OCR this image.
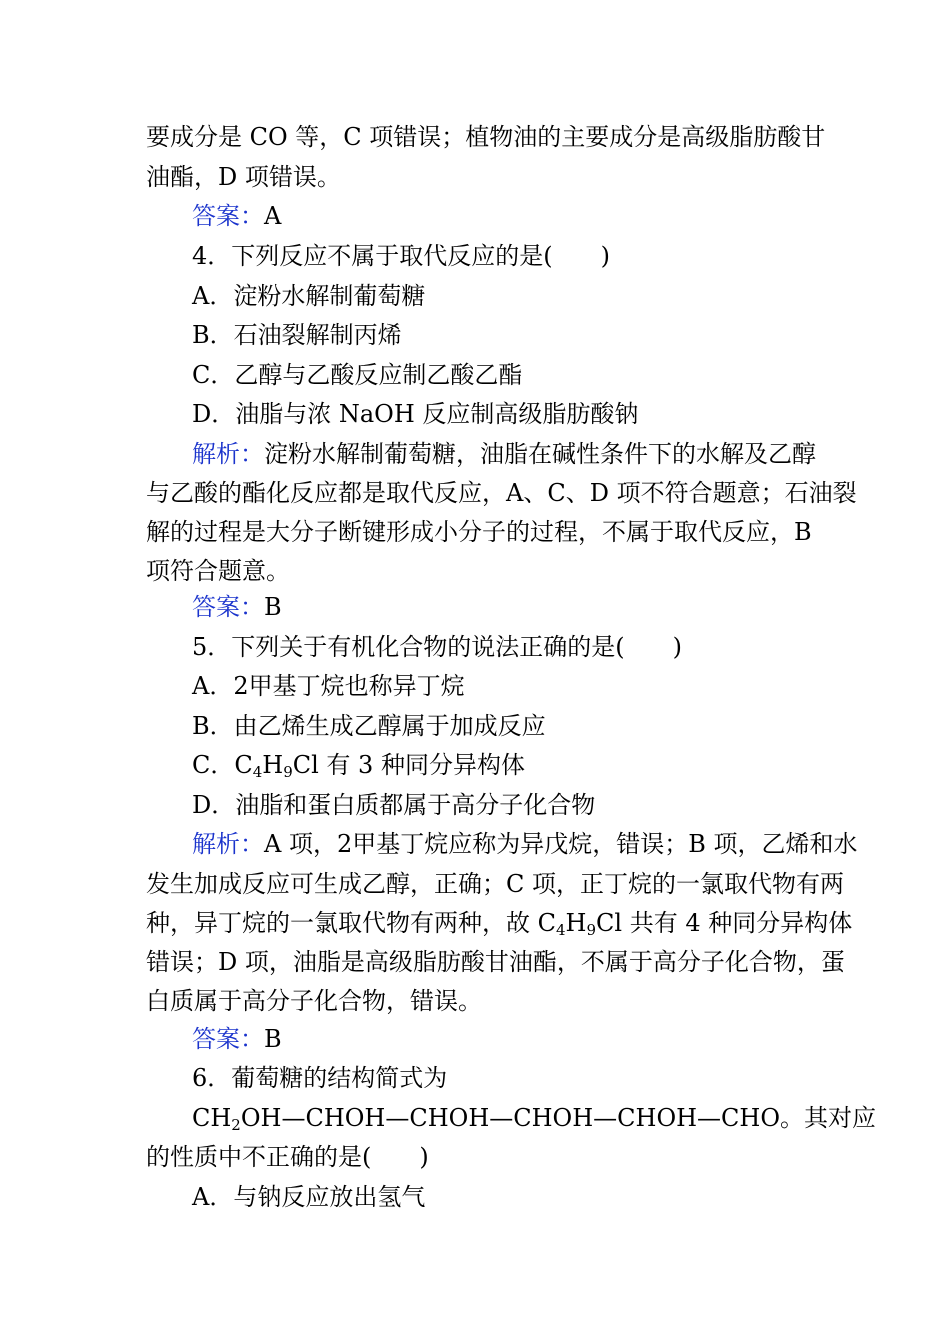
要成分是 CO 等，C 项错误；植物油的主要成分是高级脂肪酸甘
油酯，D 项错误。
答案：A
4．下列反应不属于取代反应的是( )
A．淀粉水解制葡萄糖
B．石油裂解制丙烯
C．乙醇与乙酸反应制乙酸乙酯
D．油脂与浓 NaOH 反应制高级脂肪酸钠
解析：淀粉水解制葡萄糖，油脂在碱性条件下的水解及乙醇
与乙酸的酯化反应都是取代反应，A、C、D 项不符合题意；石油裂
解的过程是大分子断键形成小分子的过程，不属于取代反应，B
项符合题意。
答案：B
5．下列关于有机化合物的说法正确的是( )
A．2甲基丁烷也称异丁烷
B．由乙烯生成乙醇属于加成反应
C．$C_4H_9Cl$ 有 3 种同分异构体
D．油脂和蛋白质都属于高分子化合物
解析：A 项，2甲基丁烷应称为异戊烷，错误；B 项，乙烯和水
发生加成反应可生成乙醇，正确；C 项，正丁烷的一氯取代物有两
种，异丁烷的一氯取代物有两种，故 $C_4H_9Cl$ 共有 4 种同分异构体
错误；D 项，油脂是高级脂肪酸甘油酯，不属于高分子化合物，蛋
白质属于高分子化合物，错误。
答案：B
6．葡萄糖的结构简式为
$CH_2OH—CHOH—CHOH—CHOH—CHOH—CHO$。其对应
的性质中不正确的是( )
A．与钠反应放出氢气
